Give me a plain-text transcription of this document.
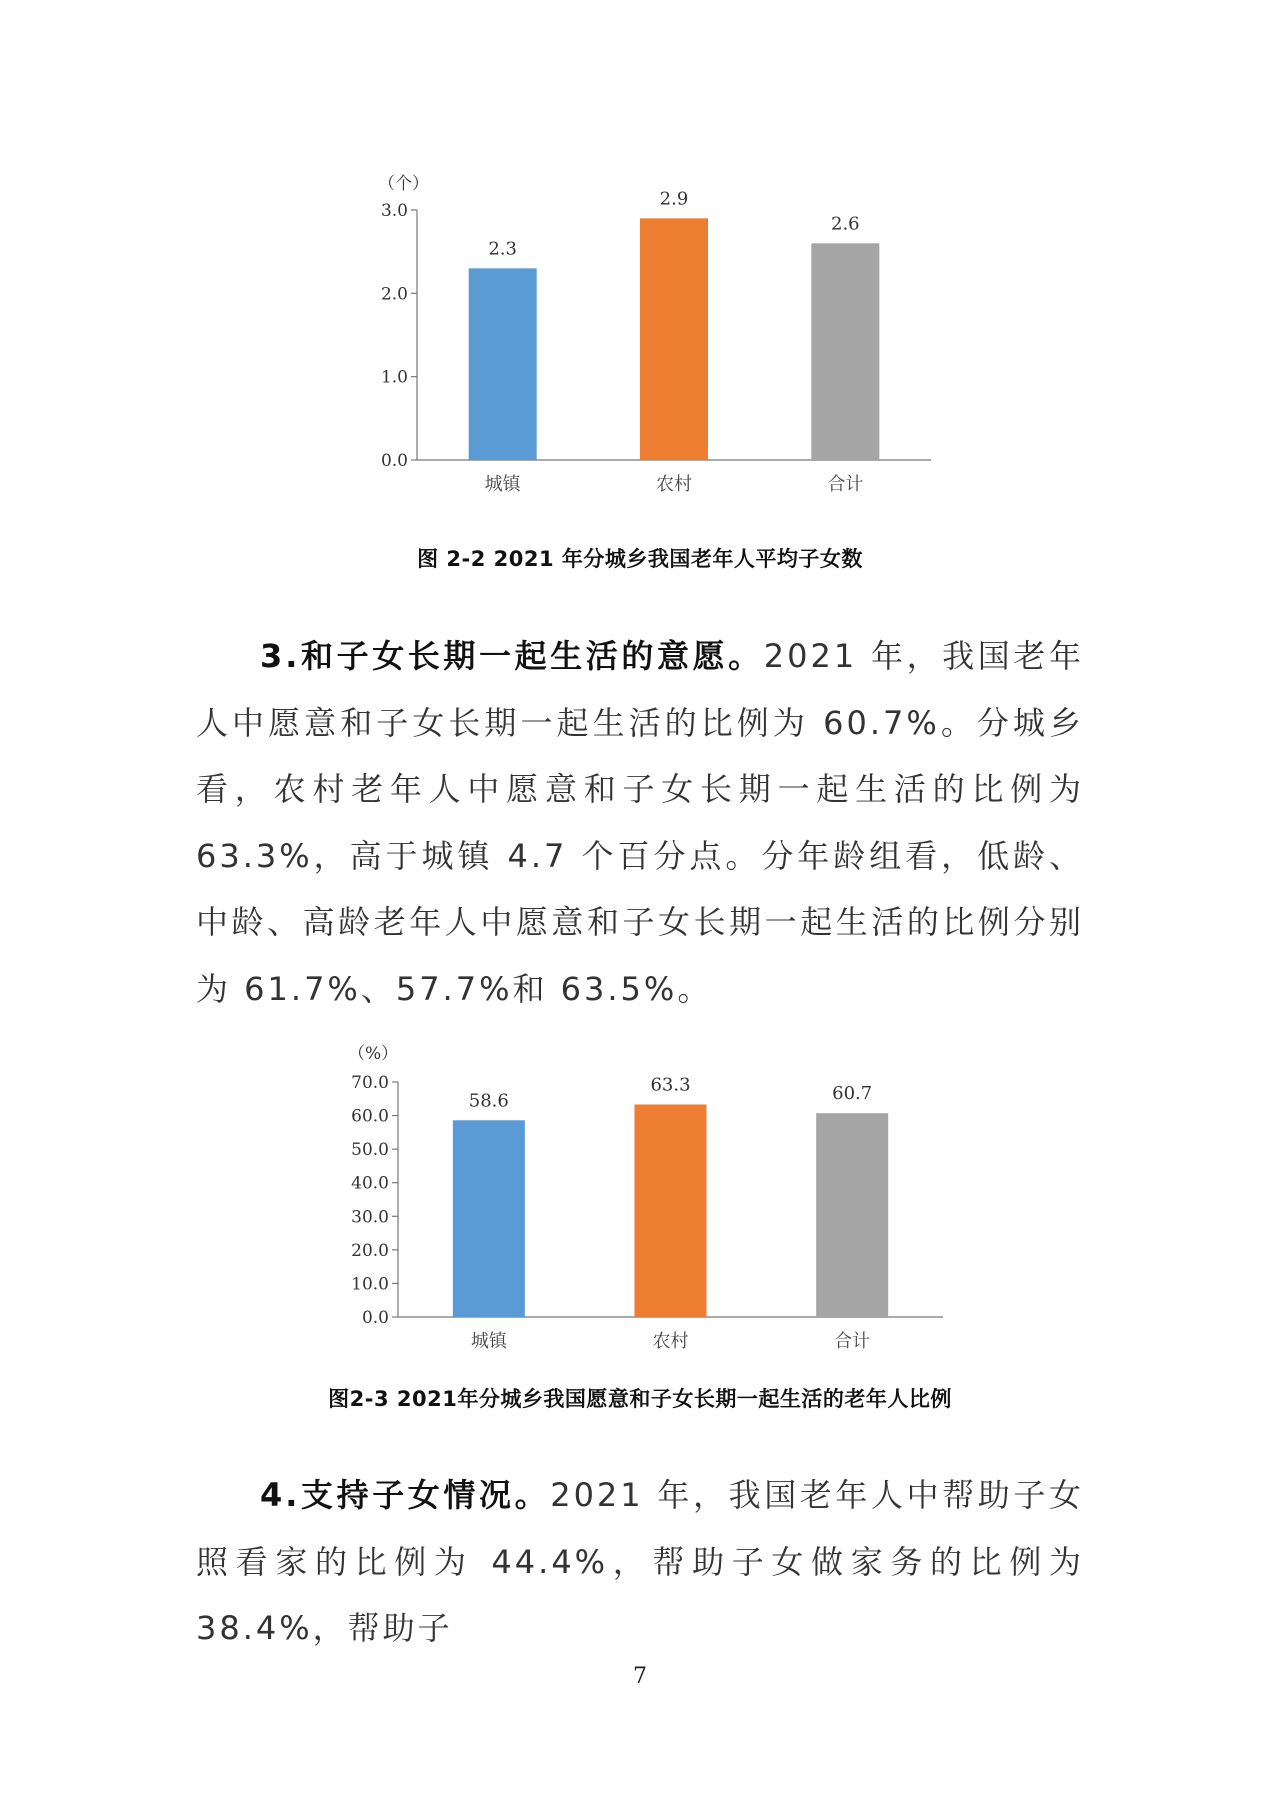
（个）
0.0
1.0
2.0
3.0
2.3
城镇
2.9
农村
2.6
合计
图 2-2 2021 年分城乡我国老年人平均子女数
3.和子女长期一起生活的意愿。2021 年，我国老年人中愿意和子女长期一起生活的比例为 60.7%。分城乡看，农村老年人中愿意和子女长期一起生活的比例为 63.3%，高于城镇 4.7 个百分点。分年龄组看，低龄、中龄、高龄老年人中愿意和子女长期一起生活的比例分别为 61.7%、57.7%和 63.5%。
（%）
0.0
10.0
20.0
30.0
40.0
50.0
60.0
70.0
58.6
城镇
63.3
农村
60.7
合计
图2-3 2021年分城乡我国愿意和子女长期一起生活的老年人比例
4.支持子女情况。2021 年，我国老年人中帮助子女照看家的比例为 44.4%，帮助子女做家务的比例为 38.4%，帮助子
7
